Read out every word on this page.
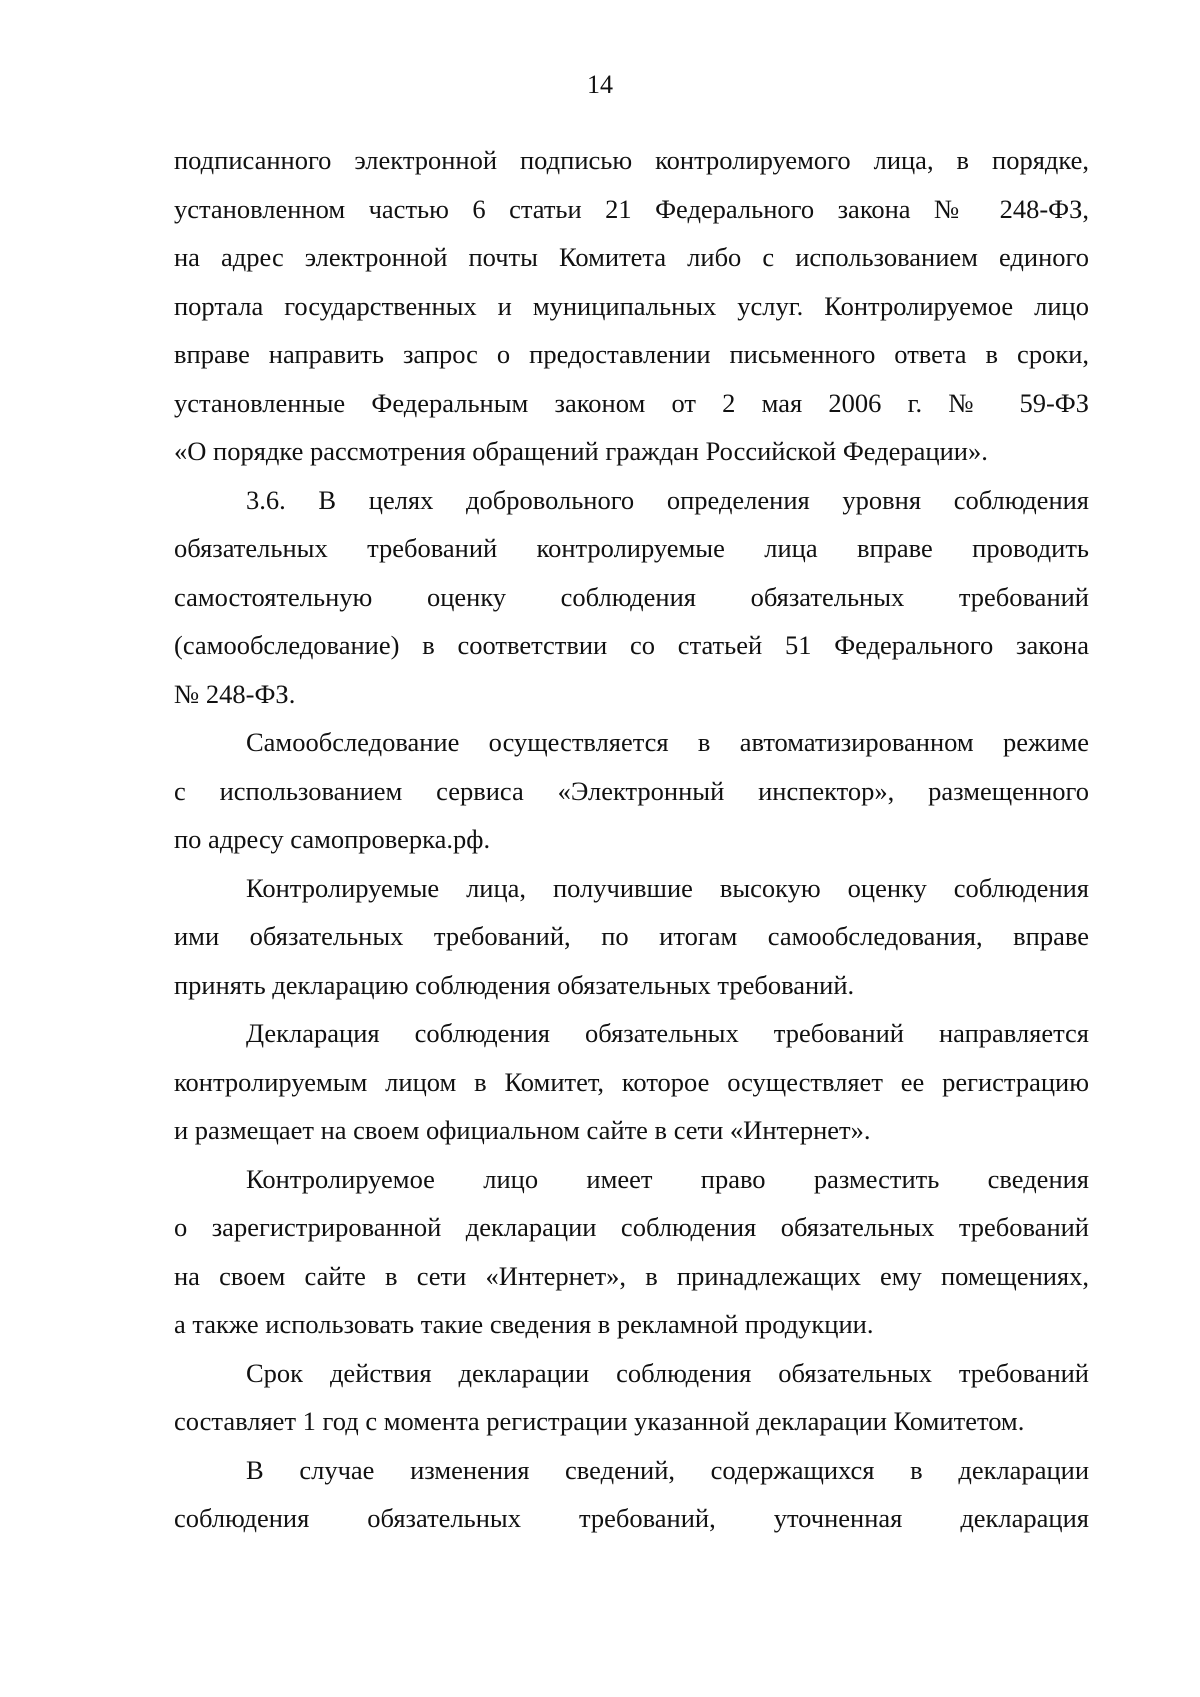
14

подписанного электронной подписью контролируемого лица, в порядке,
установленном частью 6 статьи 21 Федерального закона № 248-ФЗ,
на адрес электронной почты Комитета либо с использованием единого
портала государственных и муниципальных услуг. Контролируемое лицо
вправе направить запрос о предоставлении письменного ответа в сроки,
установленные Федеральным законом от 2 мая 2006 г. № 59-ФЗ
«О порядке рассмотрения обращений граждан Российской Федерации».

3.6. В целях добровольного определения уровня соблюдения
обязательных требований контролируемые лица вправе проводить
самостоятельную оценку соблюдения обязательных требований
(самообследование) в соответствии со статьей 51 Федерального закона
№ 248-ФЗ.

Самообследование осуществляется в автоматизированном режиме
с использованием сервиса «Электронный инспектор», размещенного
по адресу самопроверка.рф.

Контролируемые лица, получившие высокую оценку соблюдения
ими обязательных требований, по итогам самообследования, вправе
принять декларацию соблюдения обязательных требований.

Декларация соблюдения обязательных требований направляется
контролируемым лицом в Комитет, которое осуществляет ее регистрацию
и размещает на своем официальном сайте в сети «Интернет».

Контролируемое лицо имеет право разместить сведения
о зарегистрированной декларации соблюдения обязательных требований
на своем сайте в сети «Интернет», в принадлежащих ему помещениях,
а также использовать такие сведения в рекламной продукции.

Срок действия декларации соблюдения обязательных требований
составляет 1 год с момента регистрации указанной декларации Комитетом.

В случае изменения сведений, содержащихся в декларации
соблюдения обязательных требований, уточненная декларация
